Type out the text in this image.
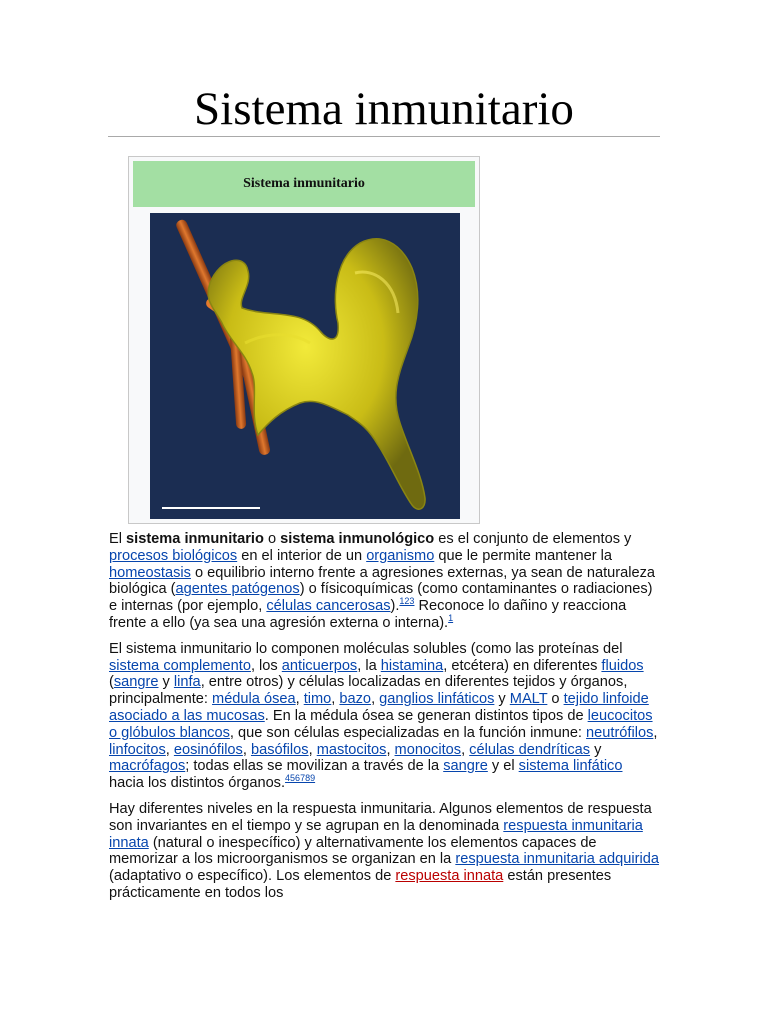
Sistema inmunitario
Sistema inmunitario

El sistema inmunitario o sistema inmunológico es el conjunto de elementos y procesos biológicos en el interior de un organismo que le permite mantener la homeostasis o equilibrio interno frente a agresiones externas, ya sean de naturaleza biológica (agentes patógenos) o físicoquímicas (como contaminantes o radiaciones) e internas (por ejemplo, células cancerosas).$^{123}$ Reconoce lo dañino y reacciona frente a ello (ya sea una agresión externa o interna).$^1$

El sistema inmunitario lo componen moléculas solubles (como las proteínas del sistema complemento, los anticuerpos, la histamina, etcétera) en diferentes fluidos (sangre y linfa, entre otros) y células localizadas en diferentes tejidos y órganos, principalmente: médula ósea, timo, bazo, ganglios linfáticos y MALT o tejido linfoide asociado a las mucosas. En la médula ósea se generan distintos tipos de leucocitos o glóbulos blancos, que son células especializadas en la función inmune: neutrófilos, linfocitos, eosinófilos, basófilos, mastocitos, monocitos, células dendríticas y macrófagos; todas ellas se movilizan a través de la sangre y el sistema linfático hacia los distintos órganos.$^{456789}$

Hay diferentes niveles en la respuesta inmunitaria. Algunos elementos de respuesta son invariantes en el tiempo y se agrupan en la denominada respuesta inmunitaria innata (natural o inespecífico) y alternativamente los elementos capaces de memorizar a los microorganismos se organizan en la respuesta inmunitaria adquirida (adaptativo o específico). Los elementos de respuesta innata están presentes prácticamente en todos los
